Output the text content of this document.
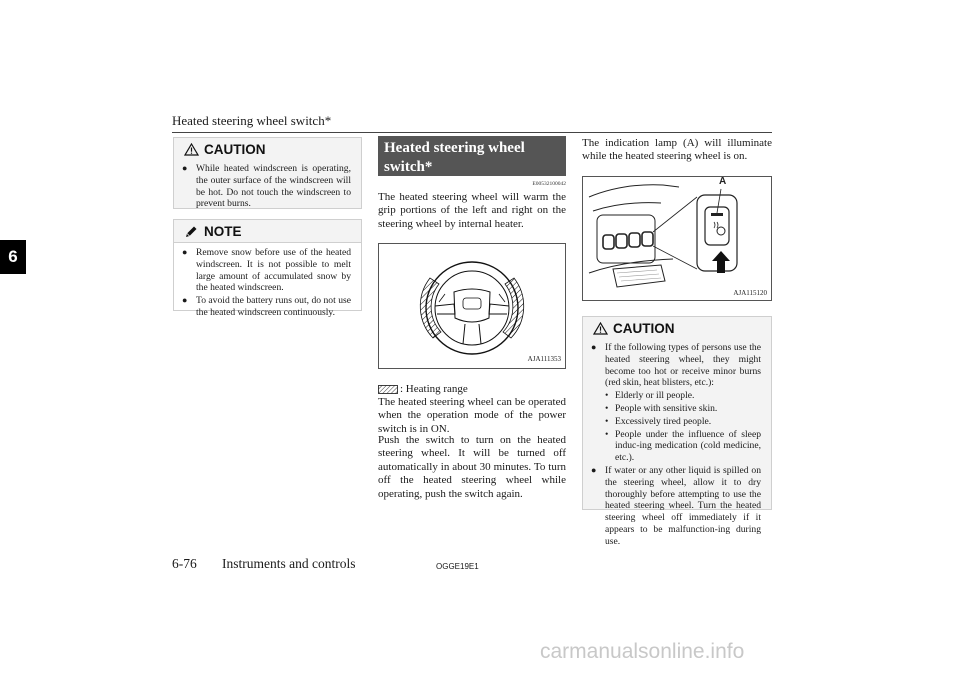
Heated steering wheel switch*
6
CAUTION
● While heated windscreen is operating, the outer surface of the windscreen will be hot. Do not touch the windscreen to prevent burns.
NOTE
● Remove snow before use of the heated windscreen. It is not possible to melt large amount of accumulated snow by the heated windscreen.
● To avoid the battery runs out, do not use the heated windscreen continuously.
Heated steering wheel switch*
E00532100042
The heated steering wheel will warm the grip portions of the left and right on the steering wheel by internal heater.
AJA111353
: Heating range
The heated steering wheel can be operated when the operation mode of the power switch is in ON.
Push the switch to turn on the heated steering wheel. It will be turned off automatically in about 30 minutes. To turn off the heated steering wheel while operating, push the switch again.
The indication lamp (A) will illuminate while the heated steering wheel is on.
A
AJA115120
CAUTION
● If the following types of persons use the heated steering wheel, they might become too hot or receive minor burns (red skin, heat blisters, etc.):
• Elderly or ill people.
• People with sensitive skin.
• Excessively tired people.
• People under the influence of sleep induc-ing medication (cold medicine, etc.).
● If water or any other liquid is spilled on the steering wheel, allow it to dry thoroughly before attempting to use the heated steering wheel. Turn the heated steering wheel off immediately if it appears to be malfunction-ing during use.
6-76 Instruments and controls	OGGE19E1
carmanualsonline.info
